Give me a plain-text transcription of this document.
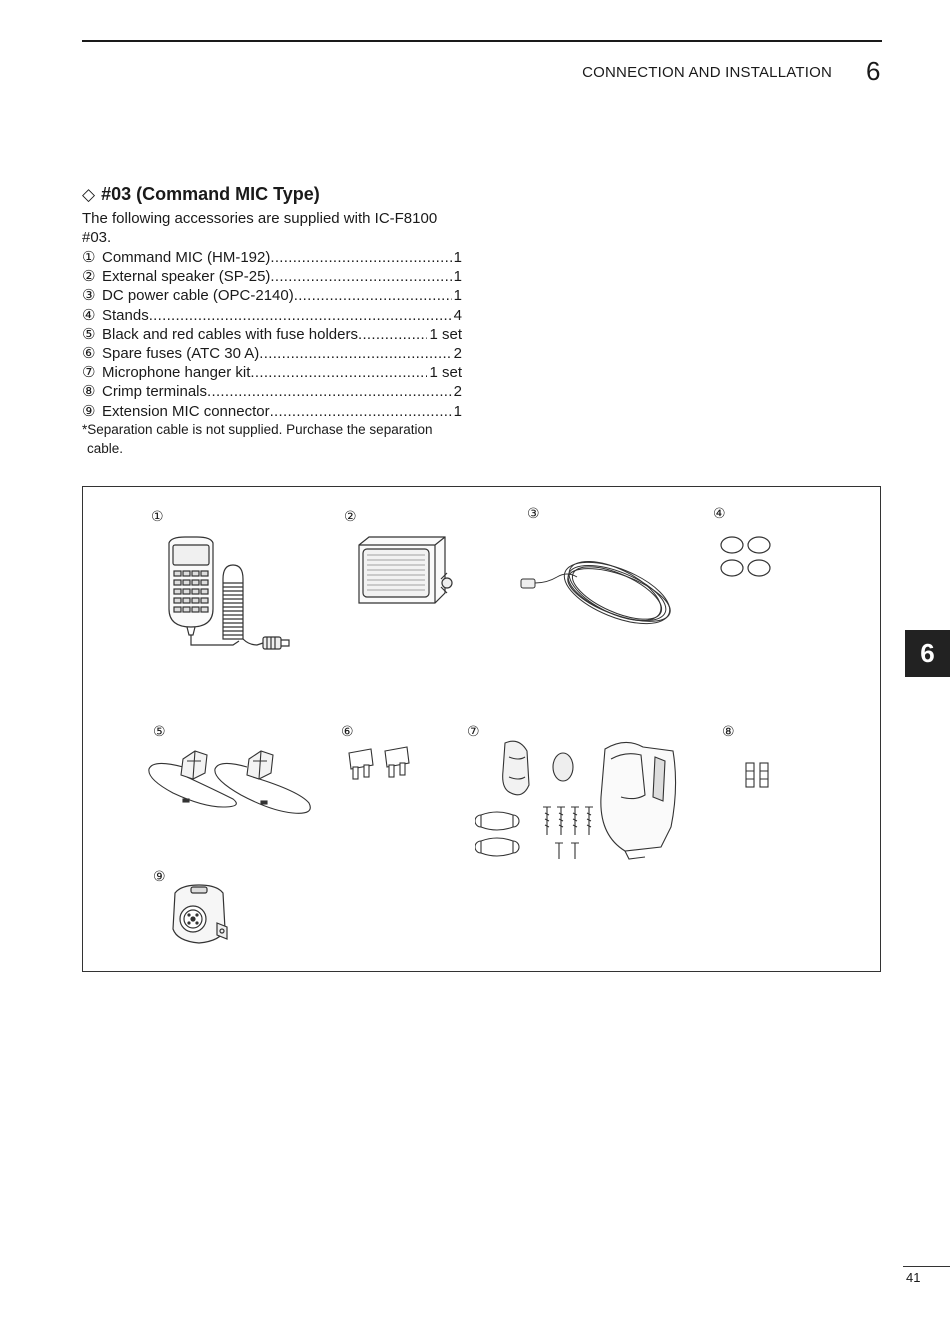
CONNECTION AND INSTALLATION 6
◇ #03 (Command MIC Type)
The following accessories are supplied with IC-F8100 #03.
① Command MIC (HM-192) .....	1
② External speaker (SP-25) .....	1
③ DC power cable (OPC-2140) .....	1
④ Stands .....	4
⑤ Black and red cables with fuse holders .....	1 set
⑥ Spare fuses (ATC 30 A) .....	2
⑦ Microphone hanger kit .....	1 set
⑧ Crimp terminals .....	2
⑨ Extension MIC connector .....	1
*Separation cable is not supplied. Purchase the separation
cable.
①	②	③	④
⑤	⑥	⑦	⑧
⑨
6
41
